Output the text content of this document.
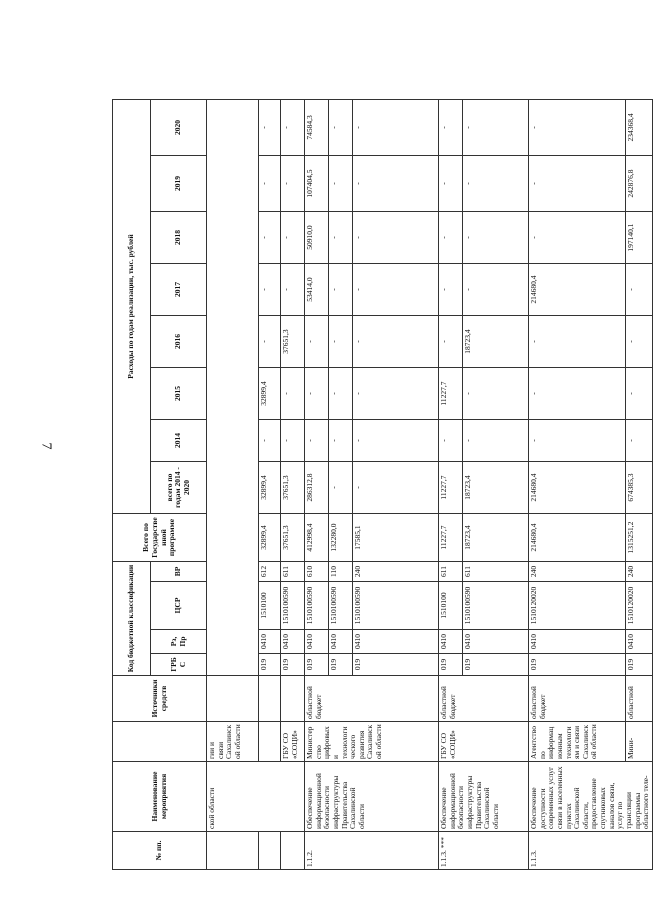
7
№ пп.	Наименование мероприятия		Источники средств	Код бюджетной классификации				Всего по Государственной программе	Расходы по годам реализации, тыс. рублей							
				ГРБС	Рз, Пр	ЦСР	ВР		всего по годам 2014 - 2020	2014	2015	2016	2017	2018	2019	2020
	ской области	гии и связи Сахалинской области														
				019	0410	1510100	612	32899,4	32899,4	-	32899,4	-	-	-	-	-
		ГБУ СО «СОЦИ»		019	0410	1510100590	611	37651,3	37651,3	-	-	37651,3	-	-	-	-
1.1.2.	Обеспечение информационной безопасности инфраструктуры Правительства Сахалинской области	Министерство цифровых и технологического развития Сахалинской области	областной бюджет	019	0410	1510100590	610	412998,4	286312,8	-	-	-	53414,0	50910,0	107404,5	74584,3
				019	0410	1510100590	110	132280,0	-	-	-	-	-	-	-	-
				019	0410	1510100590	240	17585,1	-	-	-	-	-	-	-	-
1.1.3. ***	Обеспечение информационной безопасности инфраструктуры Правительства Сахалинской области	ГБУ СО «СОЦИ»	областной бюджет	019	0410	1510100	611	11227,7	11227,7	-	11227,7	-	-	-	-	-
				019	0410	1510100590	611	18723,4	18723,4	-	-	18723,4	-	-	-	-
1.1.3.	Обеспечение доступности современных услуг связи в населенных пунктах Сахалинской области, предоставление спутниковых каналов связи, услуг по трансляции программы областного теле-	Агентство по информационным технологиям и связи Сахалинской области	областной бюджет	019	0410	1510120020	240	214680,4	214680,4	-	-	-	214680,4	-	-	-
		Мини-	областной	019	0410	1510120020	240	1315251,2	674385,3	-	-	-	-	197140,1	242876,8	234368,4
